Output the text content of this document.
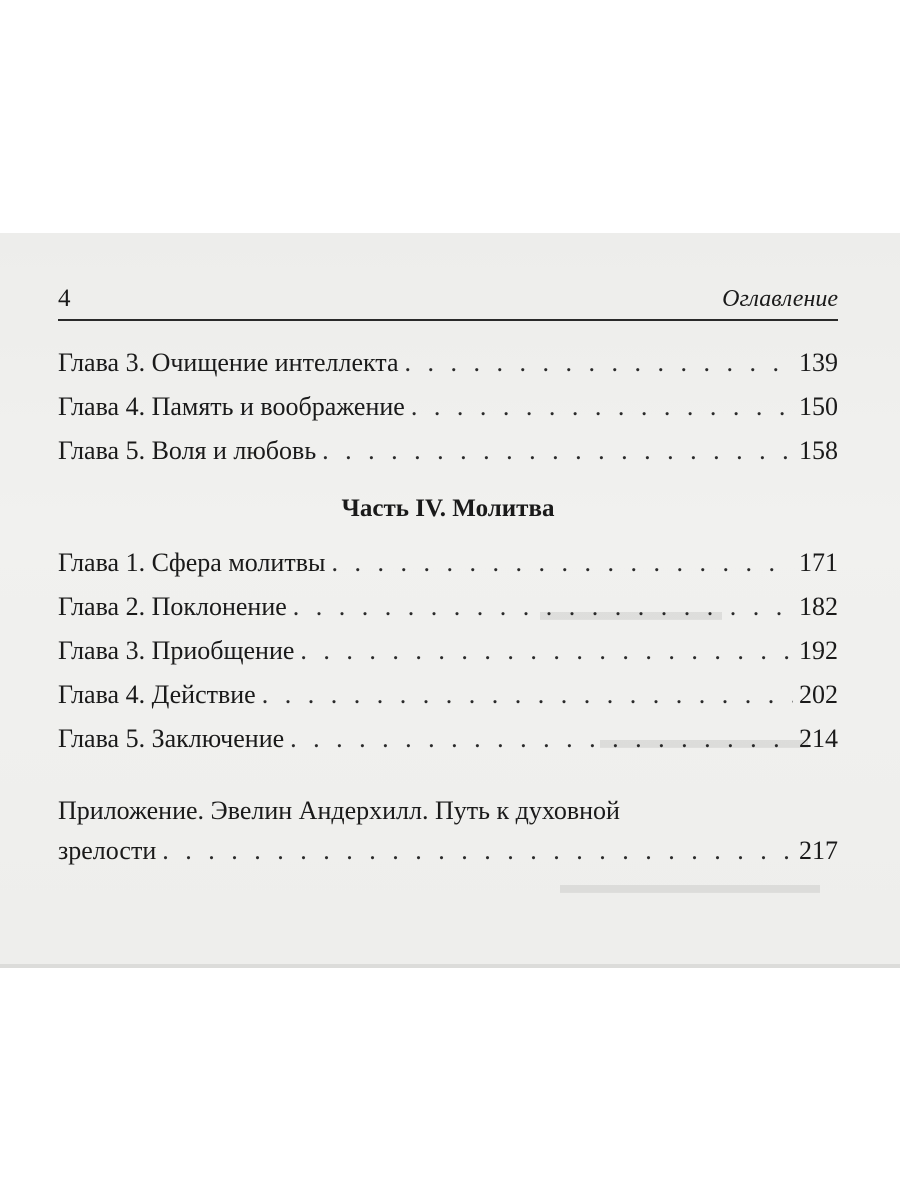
▬▬▬▬▬▬▬
▬▬▬▬▬▬▬▬
▬▬▬▬▬▬▬▬▬▬
4	Оглавление
Глава 3. Очищение интеллекта . . .	139
Глава 4. Память и воображение . . .	150
Глава 5. Воля и любовь . . .	158
Часть IV. Молитва
Глава 1. Сфера молитвы . . .	171
Глава 2. Поклонение . . .	182
Глава 3. Приобщение . . .	192
Глава 4. Действие . . .	202
Глава 5. Заключение . . .	214
Приложение. Эвелин Андерхилл. Путь к духовной
зрелости . . .	217
